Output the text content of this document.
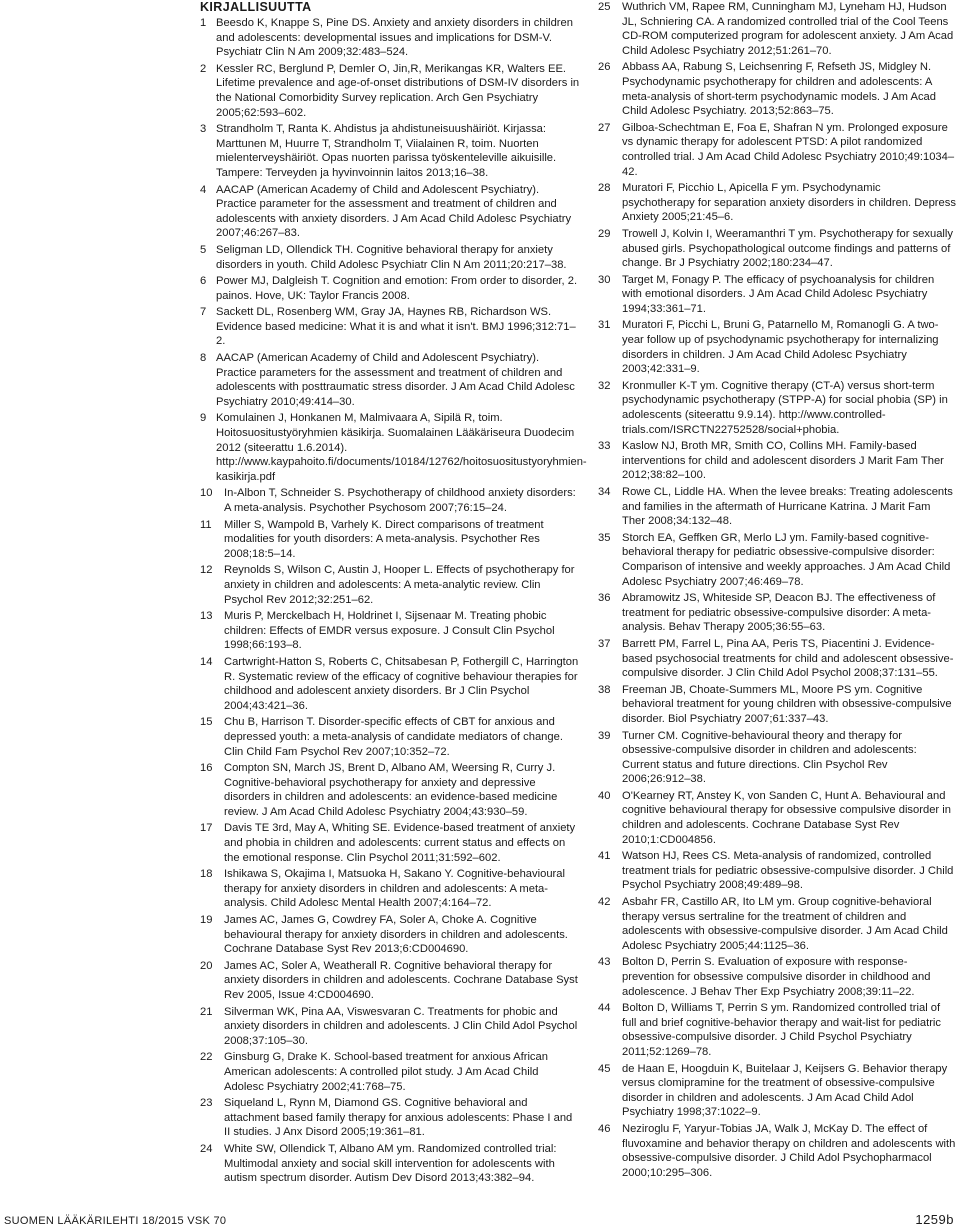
KIRJALLISUUTTA
1 Beesdo K, Knappe S, Pine DS. Anxiety and anxiety disorders in children and adolescents: developmental issues and implications for DSM-V. Psychiatr Clin N Am 2009;32:483–524.
2 Kessler RC, Berglund P, Demler O, Jin,R, Merikangas KR, Walters EE. Lifetime prevalence and age-of-onset distributions of DSM-IV disorders in the National Comorbidity Survey replication. Arch Gen Psychiatry 2005;62:593–602.
3 Strandholm T, Ranta K. Ahdistus ja ahdistuneisuushäiriöt. Kirjassa: Marttunen M, Huurre T, Strandholm T, Viialainen R, toim. Nuorten mielenterveyshäiriöt. Opas nuorten parissa työskenteleville aikuisille. Tampere: Terveyden ja hyvinvoinnin laitos 2013;16–38.
4 AACAP (American Academy of Child and Adolescent Psychiatry). Practice parameter for the assessment and treatment of children and adolescents with anxiety disorders. J Am Acad Child Adolesc Psychiatry 2007;46:267–83.
5 Seligman LD, Ollendick TH. Cognitive behavioral therapy for anxiety disorders in youth. Child Adolesc Psychiatr Clin N Am 2011;20:217–38.
6 Power MJ, Dalgleish T. Cognition and emotion: From order to disorder, 2. painos. Hove, UK: Taylor Francis 2008.
7 Sackett DL, Rosenberg WM, Gray JA, Haynes RB, Richardson WS. Evidence based medicine: What it is and what it isn't. BMJ 1996;312:71–2.
8 AACAP (American Academy of Child and Adolescent Psychiatry). Practice parameters for the assessment and treatment of children and adolescents with posttraumatic stress disorder. J Am Acad Child Adolesc Psychiatry 2010;49:414–30.
9 Komulainen J, Honkanen M, Malmivaara A, Sipilä R, toim. Hoitosuositustyöryhmien käsikirja. Suomalainen Lääkäriseura Duodecim 2012 (siteerattu 1.6.2014). http://www.kaypahoito.fi/documents/10184/12762/hoitosuositustyoryhmien-kasikirja.pdf
10	In-Albon T, Schneider S. Psychotherapy of childhood anxiety disorders: A meta-analysis. Psychother Psychosom 2007;76:15–24.
11	Miller S, Wampold B, Varhely K. Direct comparisons of treatment modalities for youth disorders: A meta-analysis. Psychother Res 2008;18:5–14.
12	Reynolds S, Wilson C, Austin J, Hooper L. Effects of psychotherapy for anxiety in children and adolescents: A meta-analytic review. Clin Psychol Rev 2012;32:251–62.
13	Muris P, Merckelbach H, Holdrinet I, Sijsenaar M. Treating phobic children: Effects of EMDR versus exposure. J Consult Clin Psychol 1998;66:193–8.
14	Cartwright-Hatton S, Roberts C, Chitsabesan P, Fothergill C, Harrington R. Systematic review of the efficacy of cognitive behaviour therapies for childhood and adolescent anxiety disorders. Br J Clin Psychol 2004;43:421–36.
15	Chu B, Harrison T. Disorder-specific effects of CBT for anxious and depressed youth: a meta-analysis of candidate mediators of change. Clin Child Fam Psychol Rev 2007;10:352–72.
16	Compton SN, March JS, Brent D, Albano AM, Weersing R, Curry J. Cognitive-behavioral psychotherapy for anxiety and depressive disorders in children and adolescents: an evidence-based medicine review. J Am Acad Child Adolesc Psychiatry 2004;43:930–59.
17	Davis TE 3rd, May A, Whiting SE. Evidence-based treatment of anxiety and phobia in children and adolescents: current status and effects on the emotional response. Clin Psychol 2011;31:592–602.
18	Ishikawa S, Okajima I, Matsuoka H, Sakano Y. Cognitive-behavioural therapy for anxiety disorders in children and adolescents: A meta-analysis. Child Adolesc Mental Health 2007;4:164–72.
19	James AC, James G, Cowdrey FA, Soler A, Choke A. Cognitive behavioural therapy for anxiety disorders in children and adolescents. Cochrane Database Syst Rev 2013;6:CD004690.
20	James AC, Soler A, Weatherall R. Cognitive behavioral therapy for anxiety disorders in children and adolescents. Cochrane Database Syst Rev 2005, Issue 4:CD004690.
21	Silverman WK, Pina AA, Viswesvaran C. Treatments for phobic and anxiety disorders in children and adolescents. J Clin Child Adol Psychol 2008;37:105–30.
22	Ginsburg G, Drake K. School-based treatment for anxious African American adolescents: A controlled pilot study. J Am Acad Child Adolesc Psychiatry 2002;41:768–75.
23	Siqueland L, Rynn M, Diamond GS. Cognitive behavioral and attachment based family therapy for anxious adolescents: Phase I and II studies. J Anx Disord 2005;19:361–81.
24	White SW, Ollendick T, Albano AM ym. Randomized controlled trial: Multimodal anxiety and social skill intervention for adolescents with autism spectrum disorder. Autism Dev Disord 2013;43:382–94.
25	Wuthrich VM, Rapee RM, Cunningham MJ, Lyneham HJ, Hudson JL, Schniering CA. A randomized controlled trial of the Cool Teens CD-ROM computerized program for adolescent anxiety. J Am Acad Child Adolesc Psychiatry 2012;51:261–70.
26	Abbass AA, Rabung S, Leichsenring F, Refseth JS, Midgley N. Psychodynamic psychotherapy for children and adolescents: A meta-analysis of short-term psychodynamic models. J Am Acad Child Adolesc Psychiatry. 2013;52:863–75.
27	Gilboa-Schechtman E, Foa E, Shafran N ym. Prolonged exposure vs dynamic therapy for adolescent PTSD: A pilot randomized controlled trial. J Am Acad Child Adolesc Psychiatry 2010;49:1034–42.
28	Muratori F, Picchio L, Apicella F ym. Psychodynamic psychotherapy for separation anxiety disorders in children. Depress Anxiety 2005;21:45–6.
29	Trowell J, Kolvin I, Weeramanthri T ym. Psychotherapy for sexually abused girls. Psychopathological outcome findings and patterns of change. Br J Psychiatry 2002;180:234–47.
30	Target M, Fonagy P. The efficacy of psychoanalysis for children with emotional disorders. J Am Acad Child Adolesc Psychiatry 1994;33:361–71.
31	Muratori F, Picchi L, Bruni G, Patarnello M, Romanogli G. A two-year follow up of psychodynamic psychotherapy for internalizing disorders in children. J Am Acad Child Adolesc Psychiatry 2003;42:331–9.
32	Kronmuller K-T ym. Cognitive therapy (CT-A) versus short-term psychodynamic psychotherapy (STPP-A) for social phobia (SP) in adolescents (siteerattu 9.9.14). http://www.controlled-trials.com/ISRCTN22752528/social+phobia.
33	Kaslow NJ, Broth MR, Smith CO, Collins MH. Family-based interventions for child and adolescent disorders J Marit Fam Ther 2012;38:82–100.
34	Rowe CL, Liddle HA. When the levee breaks: Treating adolescents and families in the aftermath of Hurricane Katrina. J Marit Fam Ther 2008;34:132–48.
35	Storch EA, Geffken GR, Merlo LJ ym. Family-based cognitive-behavioral therapy for pediatric obsessive-compulsive disorder: Comparison of intensive and weekly approaches. J Am Acad Child Adolesc Psychiatry 2007;46:469–78.
36	Abramowitz JS, Whiteside SP, Deacon BJ. The effectiveness of treatment for pediatric obsessive-compulsive disorder: A meta-analysis. Behav Therapy 2005;36:55–63.
37	Barrett PM, Farrel L, Pina AA, Peris TS, Piacentini J. Evidence-based psychosocial treatments for child and adolescent obsessive-compulsive disorder. J Clin Child Adol Psychol 2008;37:131–55.
38	Freeman JB, Choate-Summers ML, Moore PS ym. Cognitive behavioral treatment for young children with obsessive-compulsive disorder. Biol Psychiatry 2007;61:337–43.
39	Turner CM. Cognitive-behavioural theory and therapy for obsessive-compulsive disorder in children and adolescents: Current status and future directions. Clin Psychol Rev 2006;26:912–38.
40	O'Kearney RT, Anstey K, von Sanden C, Hunt A. Behavioural and cognitive behavioural therapy for obsessive compulsive disorder in children and adolescents. Cochrane Database Syst Rev 2010;1:CD004856.
41	Watson HJ, Rees CS. Meta-analysis of randomized, controlled treatment trials for pediatric obsessive-compulsive disorder. J Child Psychol Psychiatry 2008;49:489–98.
42	Asbahr FR, Castillo AR, Ito LM ym. Group cognitive-behavioral therapy versus sertraline for the treatment of children and adolescents with obsessive-compulsive disorder. J Am Acad Child Adolesc Psychiatry 2005;44:1125–36.
43	Bolton D, Perrin S. Evaluation of exposure with response-prevention for obsessive compulsive disorder in childhood and adolescence. J Behav Ther Exp Psychiatry 2008;39:11–22.
44	Bolton D, Williams T, Perrin S ym. Randomized controlled trial of full and brief cognitive-behavior therapy and wait-list for pediatric obsessive-compulsive disorder. J Child Psychol Psychiatry 2011;52:1269–78.
45	de Haan E, Hoogduin K, Buitelaar J, Keijsers G. Behavior therapy versus clomipramine for the treatment of obsessive-compulsive disorder in children and adolescents. J Am Acad Child Adol Psychiatry 1998;37:1022–9.
46	Neziroglu F, Yaryur-Tobias JA, Walk J, McKay D. The effect of fluvoxamine and behavior therapy on children and adolescents with obsessive-compulsive disorder. J Child Adol Psychopharmacol 2000;10:295–306.
SUOMEN LÄÄKÄRILEHTI 18/2015 VSK 70	1259b
